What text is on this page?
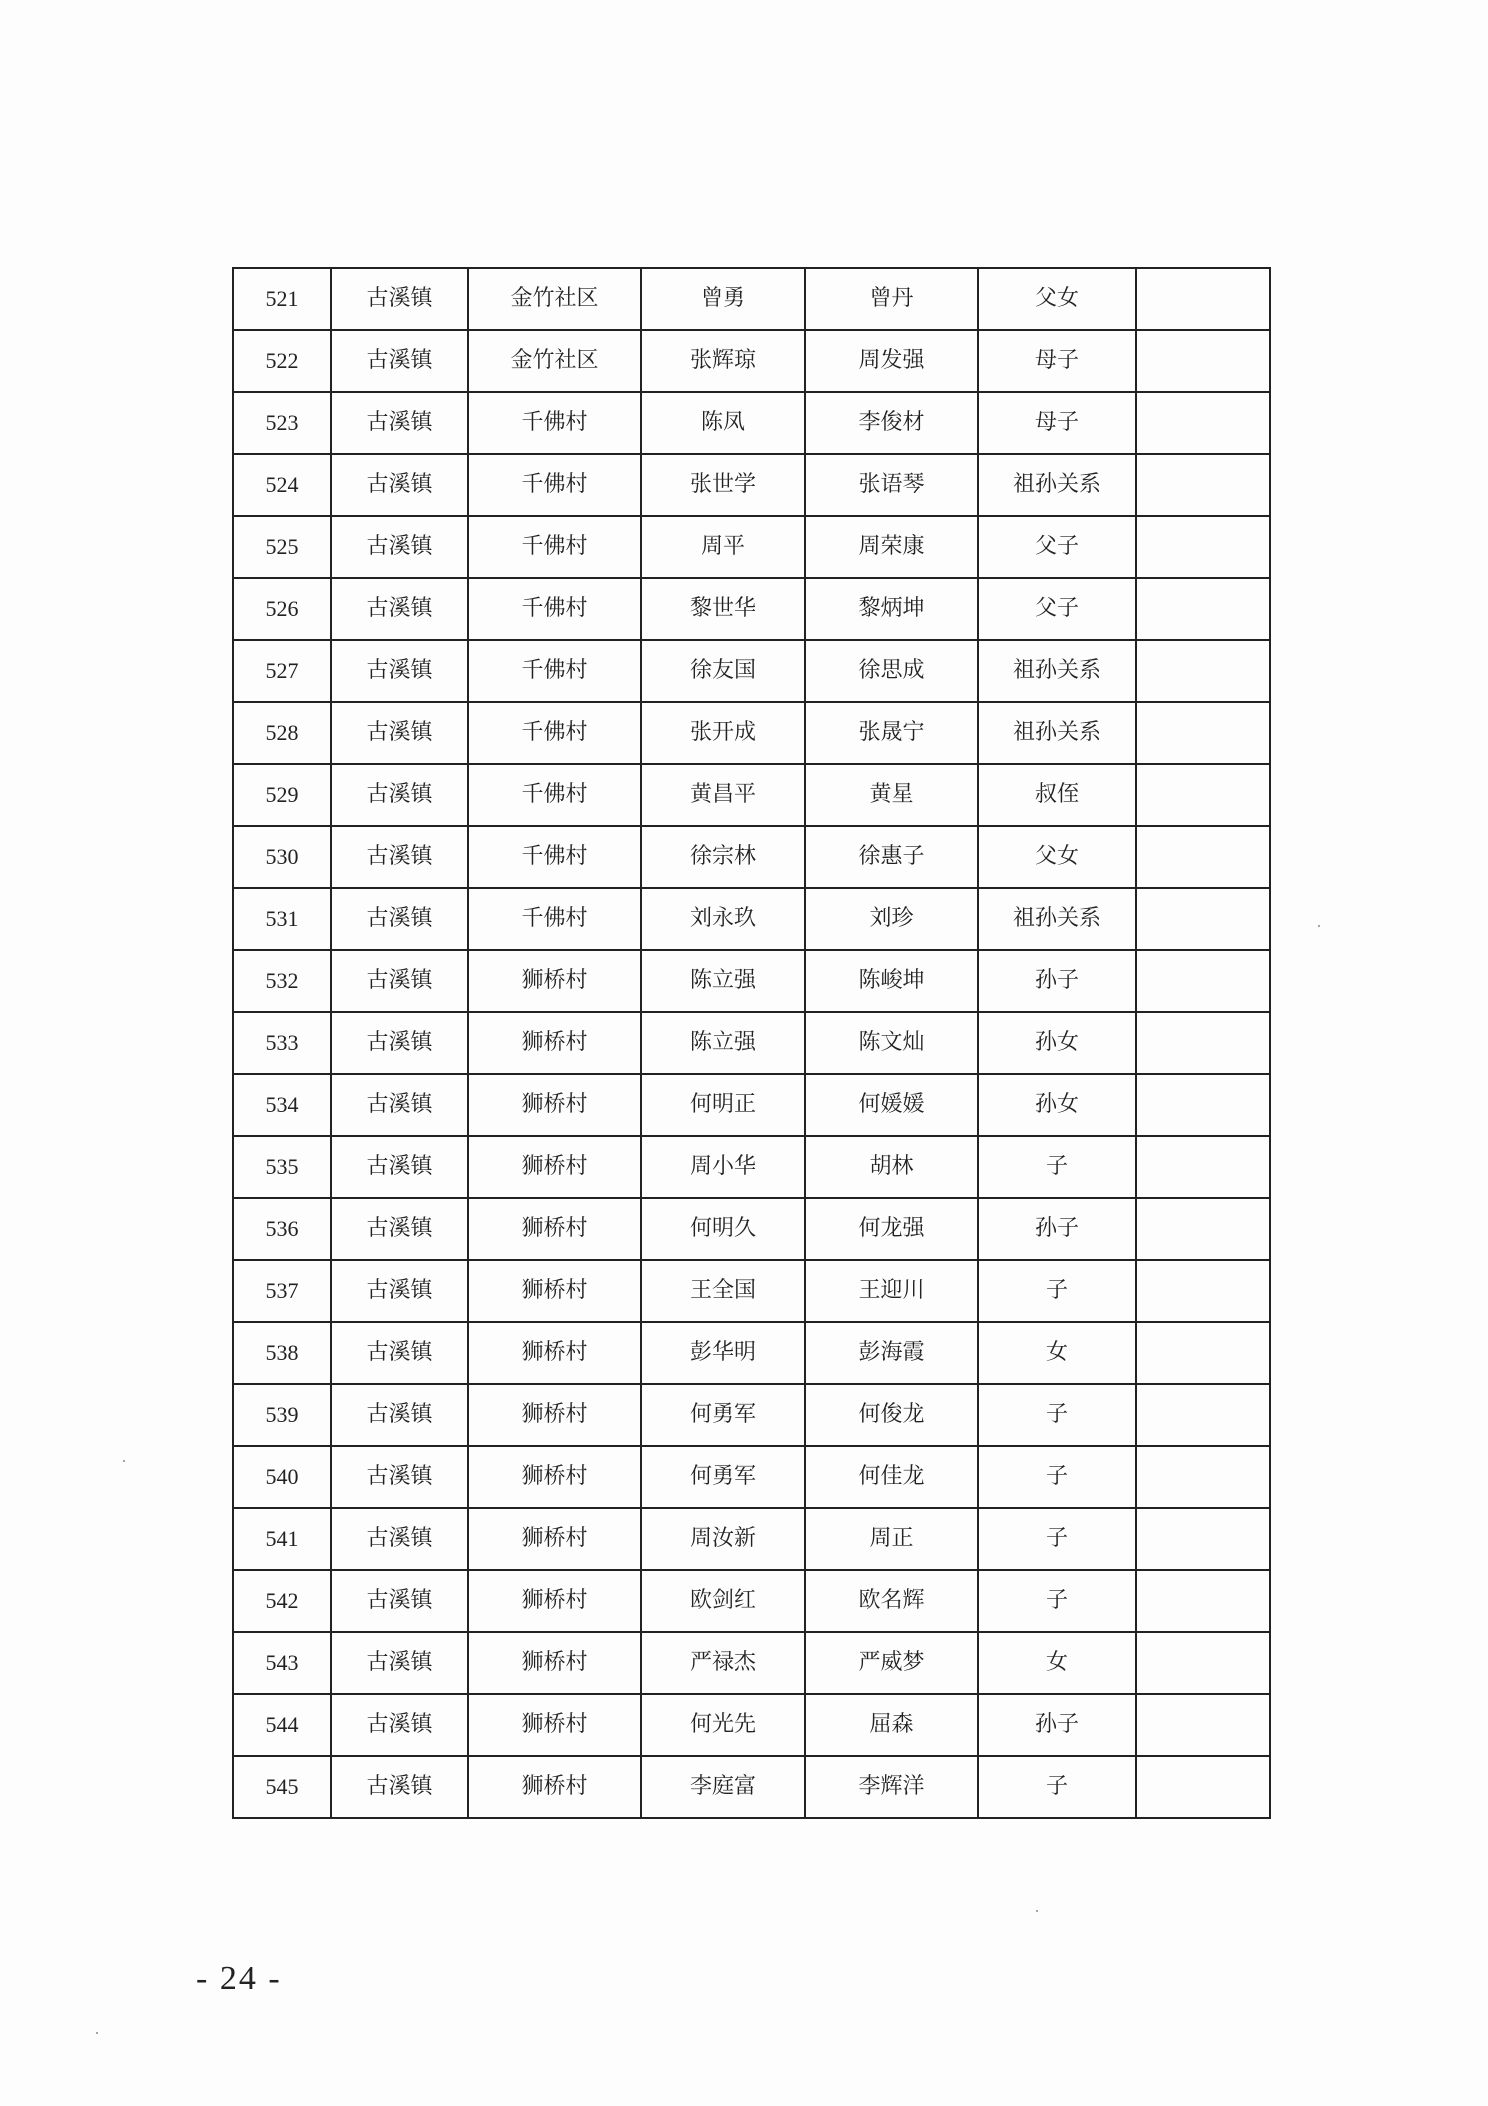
521	古溪镇	金竹社区	曾勇	曾丹	父女	
522	古溪镇	金竹社区	张辉琼	周发强	母子	
523	古溪镇	千佛村	陈凤	李俊材	母子	
524	古溪镇	千佛村	张世学	张语琴	祖孙关系	
525	古溪镇	千佛村	周平	周荣康	父子	
526	古溪镇	千佛村	黎世华	黎炳坤	父子	
527	古溪镇	千佛村	徐友国	徐思成	祖孙关系	
528	古溪镇	千佛村	张开成	张晟宁	祖孙关系	
529	古溪镇	千佛村	黄昌平	黄星	叔侄	
530	古溪镇	千佛村	徐宗林	徐惠子	父女	
531	古溪镇	千佛村	刘永玖	刘珍	祖孙关系	
532	古溪镇	狮桥村	陈立强	陈峻坤	孙子	
533	古溪镇	狮桥村	陈立强	陈文灿	孙女	
534	古溪镇	狮桥村	何明正	何媛媛	孙女	
535	古溪镇	狮桥村	周小华	胡林	子	
536	古溪镇	狮桥村	何明久	何龙强	孙子	
537	古溪镇	狮桥村	王全国	王迎川	子	
538	古溪镇	狮桥村	彭华明	彭海霞	女	
539	古溪镇	狮桥村	何勇军	何俊龙	子	
540	古溪镇	狮桥村	何勇军	何佳龙	子	
541	古溪镇	狮桥村	周汝新	周正	子	
542	古溪镇	狮桥村	欧剑红	欧名辉	子	
543	古溪镇	狮桥村	严禄杰	严威梦	女	
544	古溪镇	狮桥村	何光先	屈森	孙子	
545	古溪镇	狮桥村	李庭富	李辉洋	子	
- 24 -
